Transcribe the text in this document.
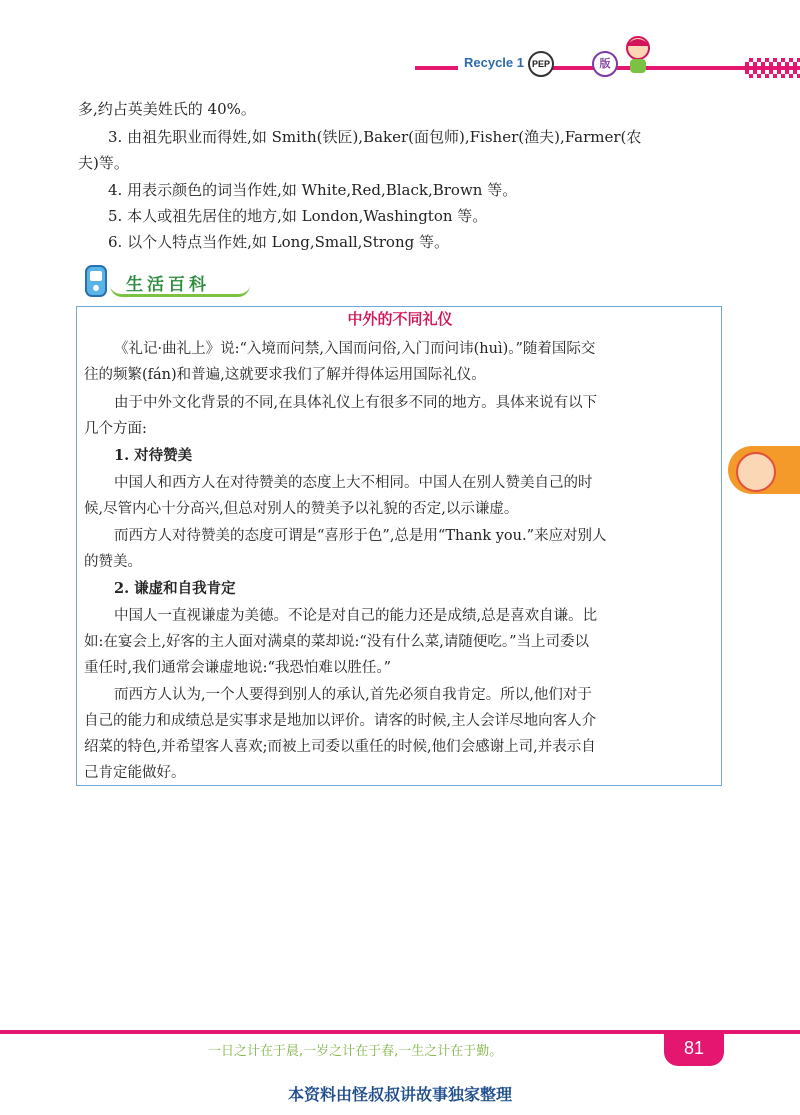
Recycle 1 PEP	版
多,约占英美姓氏的 40%。
3. 由祖先职业而得姓,如 Smith(铁匠),Baker(面包师),Fisher(渔夫),Farmer(农
夫)等。
4. 用表示颜色的词当作姓,如 White,Red,Black,Brown 等。
5. 本人或祖先居住的地方,如 London,Washington 等。
6. 以个人特点当作姓,如 Long,Small,Strong 等。
生活百科
中外的不同礼仪
《礼记·曲礼上》说:“入境而问禁,入国而问俗,入门而问讳(huì)。”随着国际交
往的频繁(fán)和普遍,这就要求我们了解并得体运用国际礼仪。
由于中外文化背景的不同,在具体礼仪上有很多不同的地方。具体来说有以下
几个方面:
1. 对待赞美
中国人和西方人在对待赞美的态度上大不相同。中国人在别人赞美自己的时
候,尽管内心十分高兴,但总对别人的赞美予以礼貌的否定,以示谦虚。
而西方人对待赞美的态度可谓是“喜形于色”,总是用“Thank you.”来应对别人
的赞美。
2. 谦虚和自我肯定
中国人一直视谦虚为美德。不论是对自己的能力还是成绩,总是喜欢自谦。比
如:在宴会上,好客的主人面对满桌的菜却说:“没有什么菜,请随便吃。”当上司委以
重任时,我们通常会谦虚地说:“我恐怕难以胜任。”
而西方人认为,一个人要得到别人的承认,首先必须自我肯定。所以,他们对于
自己的能力和成绩总是实事求是地加以评价。请客的时候,主人会详尽地向客人介
绍菜的特色,并希望客人喜欢;而被上司委以重任的时候,他们会感谢上司,并表示自
己肯定能做好。
一日之计在于晨,一岁之计在于春,一生之计在于勤。	81
本资料由怪叔叔讲故事独家整理
